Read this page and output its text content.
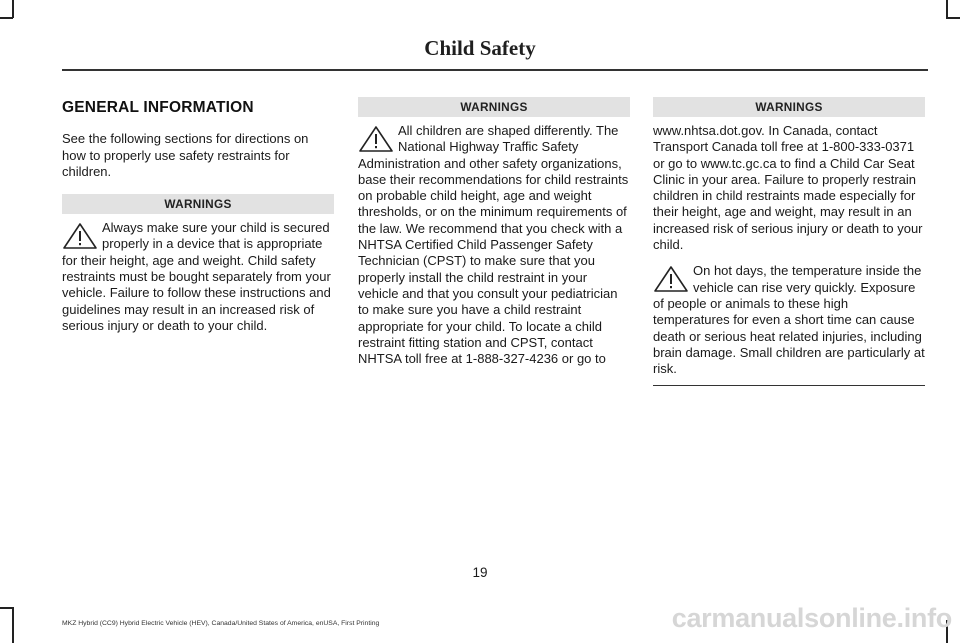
Child Safety
GENERAL INFORMATION

See the following sections for directions on how to properly use safety restraints for children.

WARNINGS

Always make sure your child is secured properly in a device that is appropriate for their height, age and weight. Child safety restraints must be bought separately from your vehicle. Failure to follow these instructions and guidelines may result in an increased risk of serious injury or death to your child.

WARNINGS

All children are shaped differently. The National Highway Traffic Safety Administration and other safety organizations, base their recommendations for child restraints on probable child height, age and weight thresholds, or on the minimum requirements of the law. We recommend that you check with a NHTSA Certified Child Passenger Safety Technician (CPST) to make sure that you properly install the child restraint in your vehicle and that you consult your pediatrician to make sure you have a child restraint appropriate for your child. To locate a child restraint fitting station and CPST, contact NHTSA toll free at 1-888-327-4236 or go to

WARNINGS

www.nhtsa.dot.gov. In Canada, contact Transport Canada toll free at 1-800-333-0371 or go to www.tc.gc.ca to find a Child Car Seat Clinic in your area. Failure to properly restrain children in child restraints made especially for their height, age and weight, may result in an increased risk of serious injury or death to your child.

On hot days, the temperature inside the vehicle can rise very quickly. Exposure of people or animals to these high temperatures for even a short time can cause death or serious heat related injuries, including brain damage. Small children are particularly at risk.

19
MKZ Hybrid (CC9) Hybrid Electric Vehicle (HEV), Canada/United States of America, enUSA, First Printing	carmanualsonline.info
